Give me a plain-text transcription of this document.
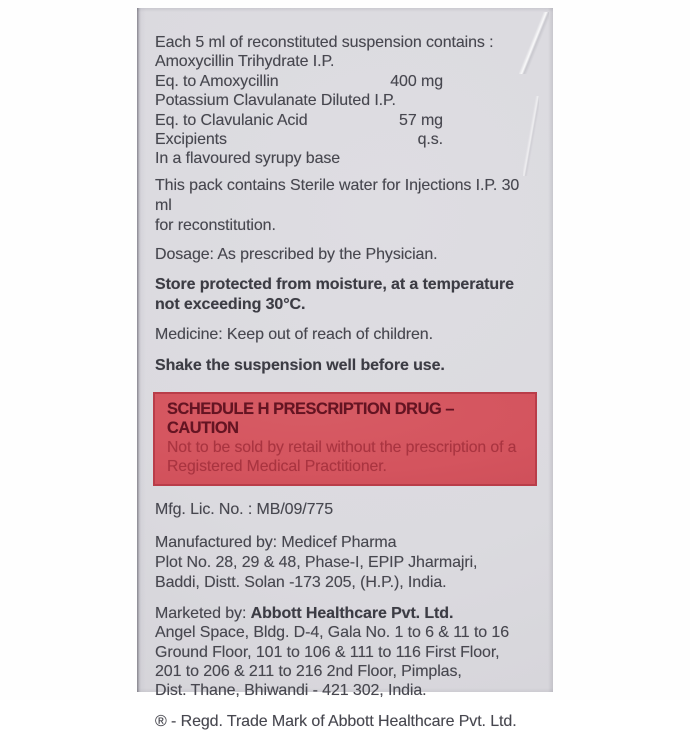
Each 5 ml of reconstituted suspension contains :
Amoxycillin Trihydrate I.P.
Eq. to Amoxycillin	400 mg
Potassium Clavulanate Diluted I.P.
Eq. to Clavulanic Acid	57 mg
Excipients	q.s.
In a flavoured syrupy base

This pack contains Sterile water for Injections I.P. 30 ml
for reconstitution.

Dosage: As prescribed by the Physician.

Store protected from moisture, at a temperature
not exceeding 30°C.

Medicine: Keep out of reach of children.

Shake the suspension well before use.

SCHEDULE H PRESCRIPTION DRUG – CAUTION
Not to be sold by retail without the prescription of a
Registered Medical Practitioner.

Mfg. Lic. No. : MB/09/775

Manufactured by: Medicef Pharma
Plot No. 28, 29 & 48, Phase-I, EPIP Jharmajri,
Baddi, Distt. Solan -173 205, (H.P.), India.
Marketed by: Abbott Healthcare Pvt. Ltd.
Angel Space, Bldg. D-4, Gala No. 1 to 6 & 11 to 16
Ground Floor, 101 to 106 & 111 to 116 First Floor,
201 to 206 & 211 to 216 2nd Floor, Pimplas,
Dist. Thane, Bhiwandi - 421 302, India.

® - Regd. Trade Mark of Abbott Healthcare Pvt. Ltd.
